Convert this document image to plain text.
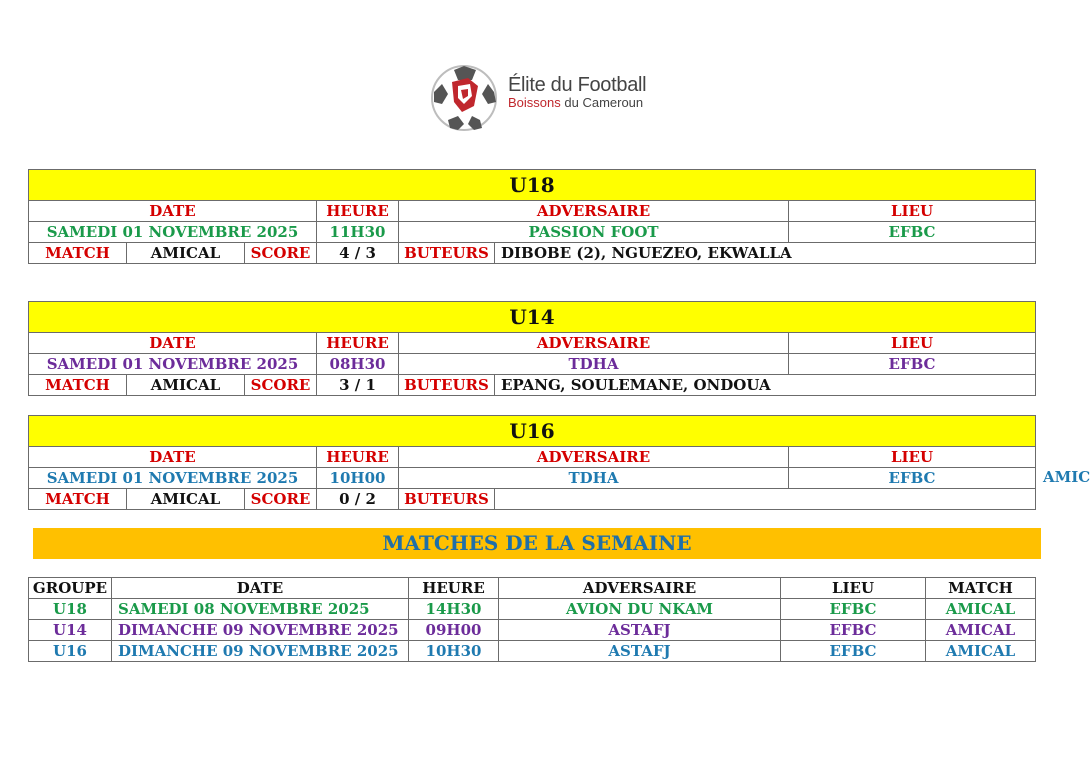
Élite du Football
Boissons du Cameroun
U18						
DATE			HEURE	ADVERSAIRE		LIEU
SAMEDI 01 NOVEMBRE 2025			11H30	PASSION FOOT		EFBC
MATCH	AMICAL	SCORE	4 / 3	BUTEURS	DIBOBE (2), NGUEZEO, EKWALLA	
U14						
DATE			HEURE	ADVERSAIRE		LIEU
SAMEDI 01 NOVEMBRE 2025			08H30	TDHA		EFBC
MATCH	AMICAL	SCORE	3 / 1	BUTEURS	EPANG, SOULEMANE, ONDOUA	
U16						
DATE			HEURE	ADVERSAIRE		LIEU
SAMEDI 01 NOVEMBRE 2025			10H00	TDHA		EFBC
MATCH	AMICAL	SCORE	0 / 2	BUTEURS		
AMIC
MATCHES DE LA SEMAINE
GROUPE	DATE	HEURE	ADVERSAIRE	LIEU	MATCH
U18	SAMEDI 08 NOVEMBRE 2025	14H30	AVION DU NKAM	EFBC	AMICAL
U14	DIMANCHE 09 NOVEMBRE 2025	09H00	ASTAFJ	EFBC	AMICAL
U16	DIMANCHE 09 NOVEMBRE 2025	10H30	ASTAFJ	EFBC	AMICAL
